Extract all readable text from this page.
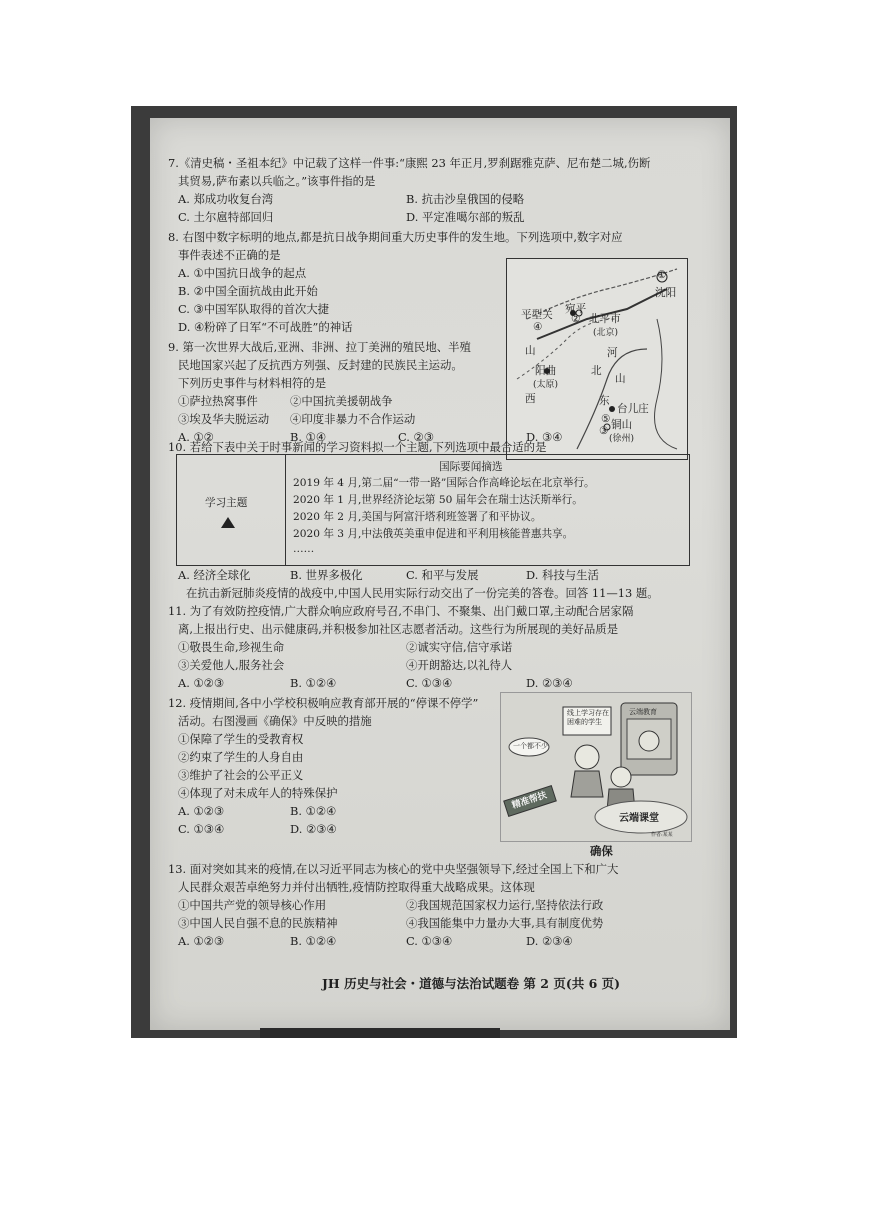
7.《清史稿・圣祖本纪》中记载了这样一件事:“康熙 23 年正月,罗刹踞雅克萨、尼布楚二城,伤断
其贸易,萨布素以兵临之。”该事件指的是
A. 郑成功收复台湾	B. 抗击沙皇俄国的侵略
C. 土尔扈特部回归	D. 平定准噶尔部的叛乱
8. 右图中数字标明的地点,都是抗日战争期间重大历史事件的发生地。下列选项中,数字对应
事件表述不正确的是
A. ①中国抗日战争的起点
B. ②中国全面抗战由此开始
C. ③中国军队取得的首次大捷
D. ④粉碎了日军“不可战胜”的神话
①
沈阳
平型关 宛平
② 北平市
(北京)
④
山	河
阳曲
(太原)
北
山
西	东
台儿庄
⑤ 铜山
(徐州)
③
9. 第一次世界大战后,亚洲、非洲、拉丁美洲的殖民地、半殖
民地国家兴起了反抗西方列强、反封建的民族民主运动。
下列历史事件与材料相符的是
①萨拉热窝事件	②中国抗美援朝战争
③埃及华夫脱运动 ④印度非暴力不合作运动
A. ①②	B. ①④	C. ②③	D. ③④
10. 若给下表中关于时事新闻的学习资料拟一个主题,下列选项中最合适的是
学习主题
国际要闻摘选
2019 年 4 月,第二届“一带一路”国际合作高峰论坛在北京举行。
2020 年 1 月,世界经济论坛第 50 届年会在瑞士达沃斯举行。
2020 年 2 月,美国与阿富汗塔利班签署了和平协议。
2020 年 3 月,中法俄英美重申促进和平利用核能普惠共享。
……
A. 经济全球化	B. 世界多极化	C. 和平与发展	D. 科技与生活
在抗击新冠肺炎疫情的战疫中,中国人民用实际行动交出了一份完美的答卷。回答 11—13 题。
11. 为了有效防控疫情,广大群众响应政府号召,不串门、不聚集、出门戴口罩,主动配合居家隔
离,上报出行史、出示健康码,并积极参加社区志愿者活动。这些行为所展现的美好品质是
①敬畏生命,珍视生命	②诚实守信,信守承诺
③关爱他人,服务社会	④开朗豁达,以礼待人
A. ①②③	B. ①②④	C. ①③④	D. ②③④
12. 疫情期间,各中小学校积极响应教育部开展的“停课不停学”
活动。右图漫画《确保》中反映的措施
①保障了学生的受教育权
②约束了学生的人身自由
③维护了社会的公平正义
④体现了对未成年人的特殊保护
A. ①②③	B. ①②④
C. ①③④	D. ②③④
线上学习存在
困难的学生
云端教育
一个都不少
精准帮扶
云端课堂
作者:某某
确保
13. 面对突如其来的疫情,在以习近平同志为核心的党中央坚强领导下,经过全国上下和广大
人民群众艰苦卓绝努力并付出牺牲,疫情防控取得重大战略成果。这体现
①中国共产党的领导核心作用	②我国规范国家权力运行,坚持依法行政
③中国人民自强不息的民族精神	④我国能集中力量办大事,具有制度优势
A. ①②③	B. ①②④	C. ①③④	D. ②③④
JH 历史与社会・道德与法治试题卷 第 2 页(共 6 页)
